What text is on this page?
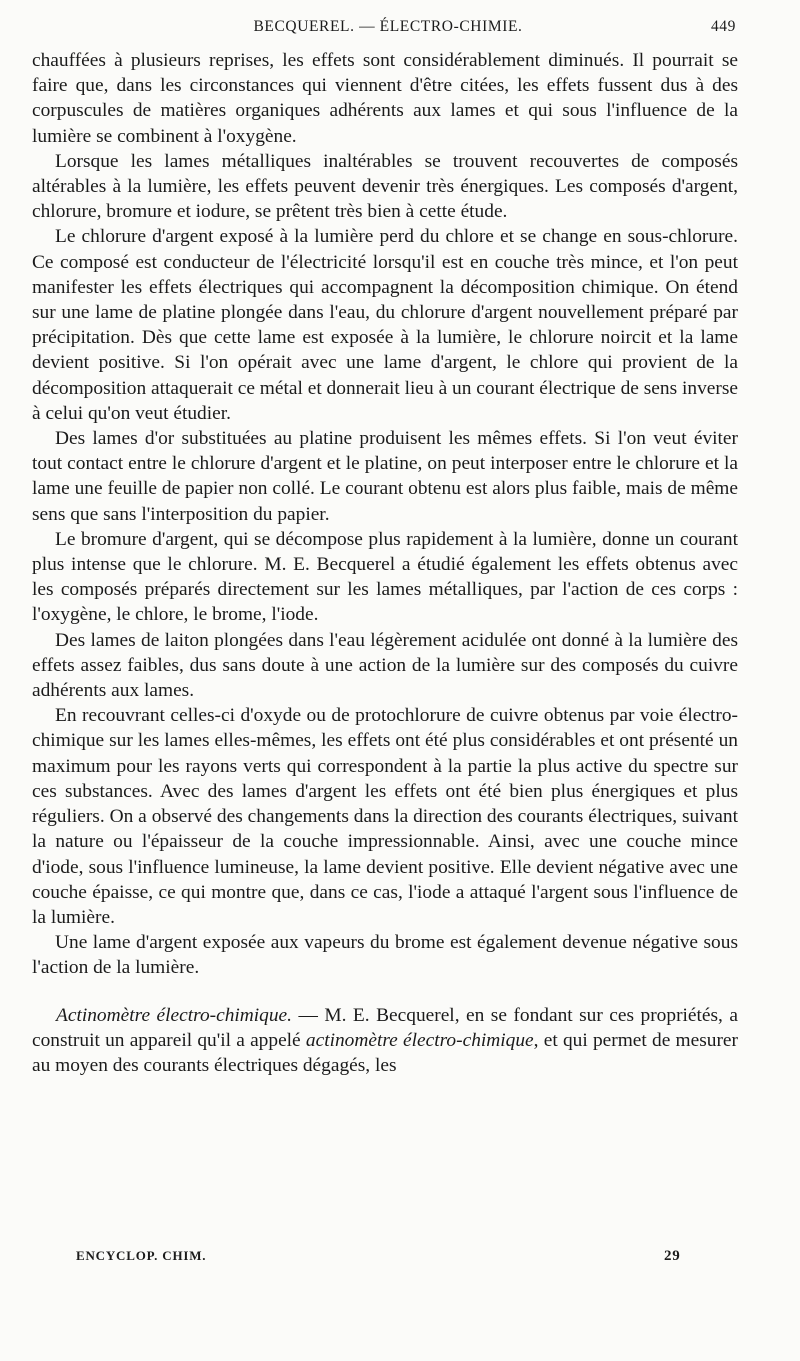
BECQUEREL. — ÉLECTRO-CHIMIE.	449

chauffées à plusieurs reprises, les effets sont considérablement diminués. Il pourrait se faire que, dans les circonstances qui viennent d'être citées, les effets fussent dus à des corpuscules de matières organiques adhérents aux lames et qui sous l'influence de la lumière se combinent à l'oxygène.

Lorsque les lames métalliques inaltérables se trouvent recouvertes de composés altérables à la lumière, les effets peuvent devenir très énergiques. Les composés d'argent, chlorure, bromure et iodure, se prêtent très bien à cette étude.

Le chlorure d'argent exposé à la lumière perd du chlore et se change en sous-chlorure. Ce composé est conducteur de l'électricité lorsqu'il est en couche très mince, et l'on peut manifester les effets électriques qui accompagnent la décomposition chimique. On étend sur une lame de platine plongée dans l'eau, du chlorure d'argent nouvellement préparé par précipitation. Dès que cette lame est exposée à la lumière, le chlorure noircit et la lame devient positive. Si l'on opérait avec une lame d'argent, le chlore qui provient de la décomposition attaquerait ce métal et donnerait lieu à un courant électrique de sens inverse à celui qu'on veut étudier.

Des lames d'or substituées au platine produisent les mêmes effets. Si l'on veut éviter tout contact entre le chlorure d'argent et le platine, on peut interposer entre le chlorure et la lame une feuille de papier non collé. Le courant obtenu est alors plus faible, mais de même sens que sans l'interposition du papier.

Le bromure d'argent, qui se décompose plus rapidement à la lumière, donne un courant plus intense que le chlorure. M. E. Becquerel a étudié également les effets obtenus avec les composés préparés directement sur les lames métalliques, par l'action de ces corps : l'oxygène, le chlore, le brome, l'iode.

Des lames de laiton plongées dans l'eau légèrement acidulée ont donné à la lumière des effets assez faibles, dus sans doute à une action de la lumière sur des composés du cuivre adhérents aux lames.

En recouvrant celles-ci d'oxyde ou de protochlorure de cuivre obtenus par voie électro-chimique sur les lames elles-mêmes, les effets ont été plus considérables et ont présenté un maximum pour les rayons verts qui correspondent à la partie la plus active du spectre sur ces substances. Avec des lames d'argent les effets ont été bien plus énergiques et plus réguliers. On a observé des changements dans la direction des courants électriques, suivant la nature ou l'épaisseur de la couche impressionnable. Ainsi, avec une couche mince d'iode, sous l'influence lumineuse, la lame devient positive. Elle devient négative avec une couche épaisse, ce qui montre que, dans ce cas, l'iode a attaqué l'argent sous l'influence de la lumière.

Une lame d'argent exposée aux vapeurs du brome est également devenue négative sous l'action de la lumière.

Actinomètre électro-chimique. — M. E. Becquerel, en se fondant sur ces propriétés, a construit un appareil qu'il a appelé actinomètre électro-chimique, et qui permet de mesurer au moyen des courants électriques dégagés, les

ENCYCLOP. CHIM.	29
